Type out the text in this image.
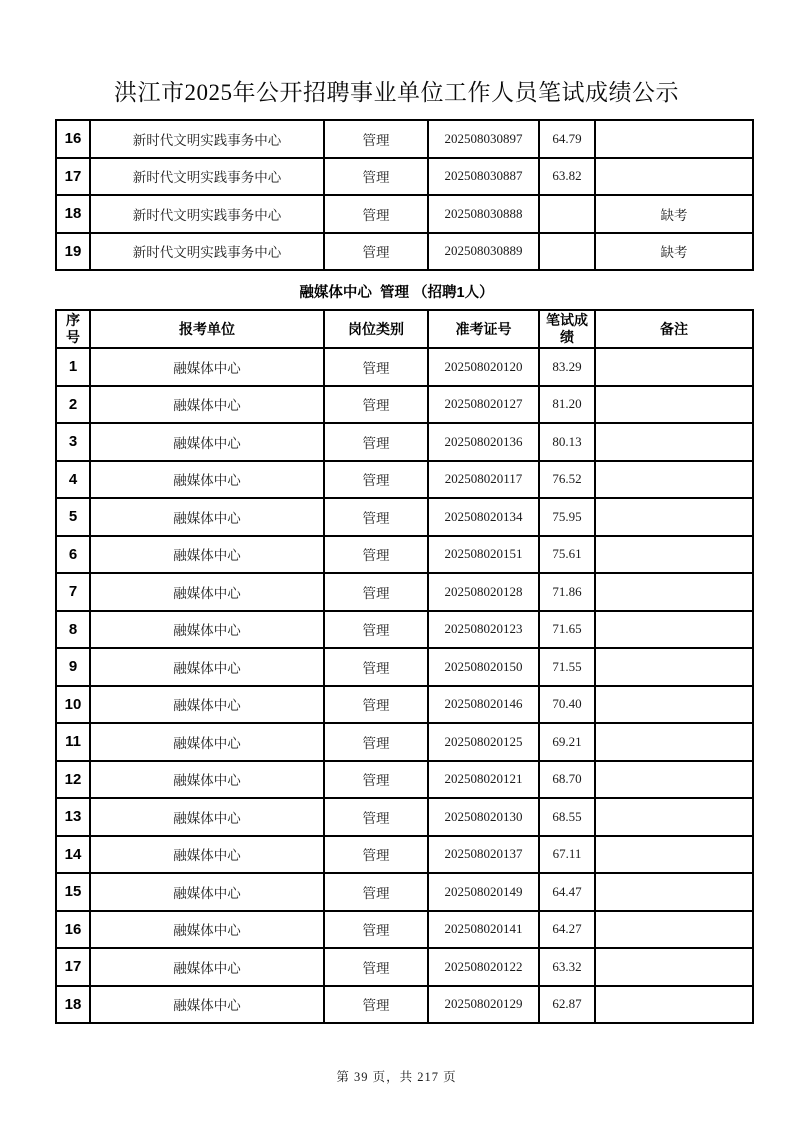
洪江市2025年公开招聘事业单位工作人员笔试成绩公示
16	新时代文明实践事务中心	管理	202508030897	64.79	
17	新时代文明实践事务中心	管理	202508030887	63.82	
18	新时代文明实践事务中心	管理	202508030888		缺考
19	新时代文明实践事务中心	管理	202508030889		缺考
融媒体中心  管理 （招聘1人）
序号	报考单位	岗位类别	准考证号	笔试成绩	备注
1	融媒体中心	管理	202508020120	83.29	
2	融媒体中心	管理	202508020127	81.20	
3	融媒体中心	管理	202508020136	80.13	
4	融媒体中心	管理	202508020117	76.52	
5	融媒体中心	管理	202508020134	75.95	
6	融媒体中心	管理	202508020151	75.61	
7	融媒体中心	管理	202508020128	71.86	
8	融媒体中心	管理	202508020123	71.65	
9	融媒体中心	管理	202508020150	71.55	
10	融媒体中心	管理	202508020146	70.40	
11	融媒体中心	管理	202508020125	69.21	
12	融媒体中心	管理	202508020121	68.70	
13	融媒体中心	管理	202508020130	68.55	
14	融媒体中心	管理	202508020137	67.11	
15	融媒体中心	管理	202508020149	64.47	
16	融媒体中心	管理	202508020141	64.27	
17	融媒体中心	管理	202508020122	63.32	
18	融媒体中心	管理	202508020129	62.87	
第 39 页，共 217 页
